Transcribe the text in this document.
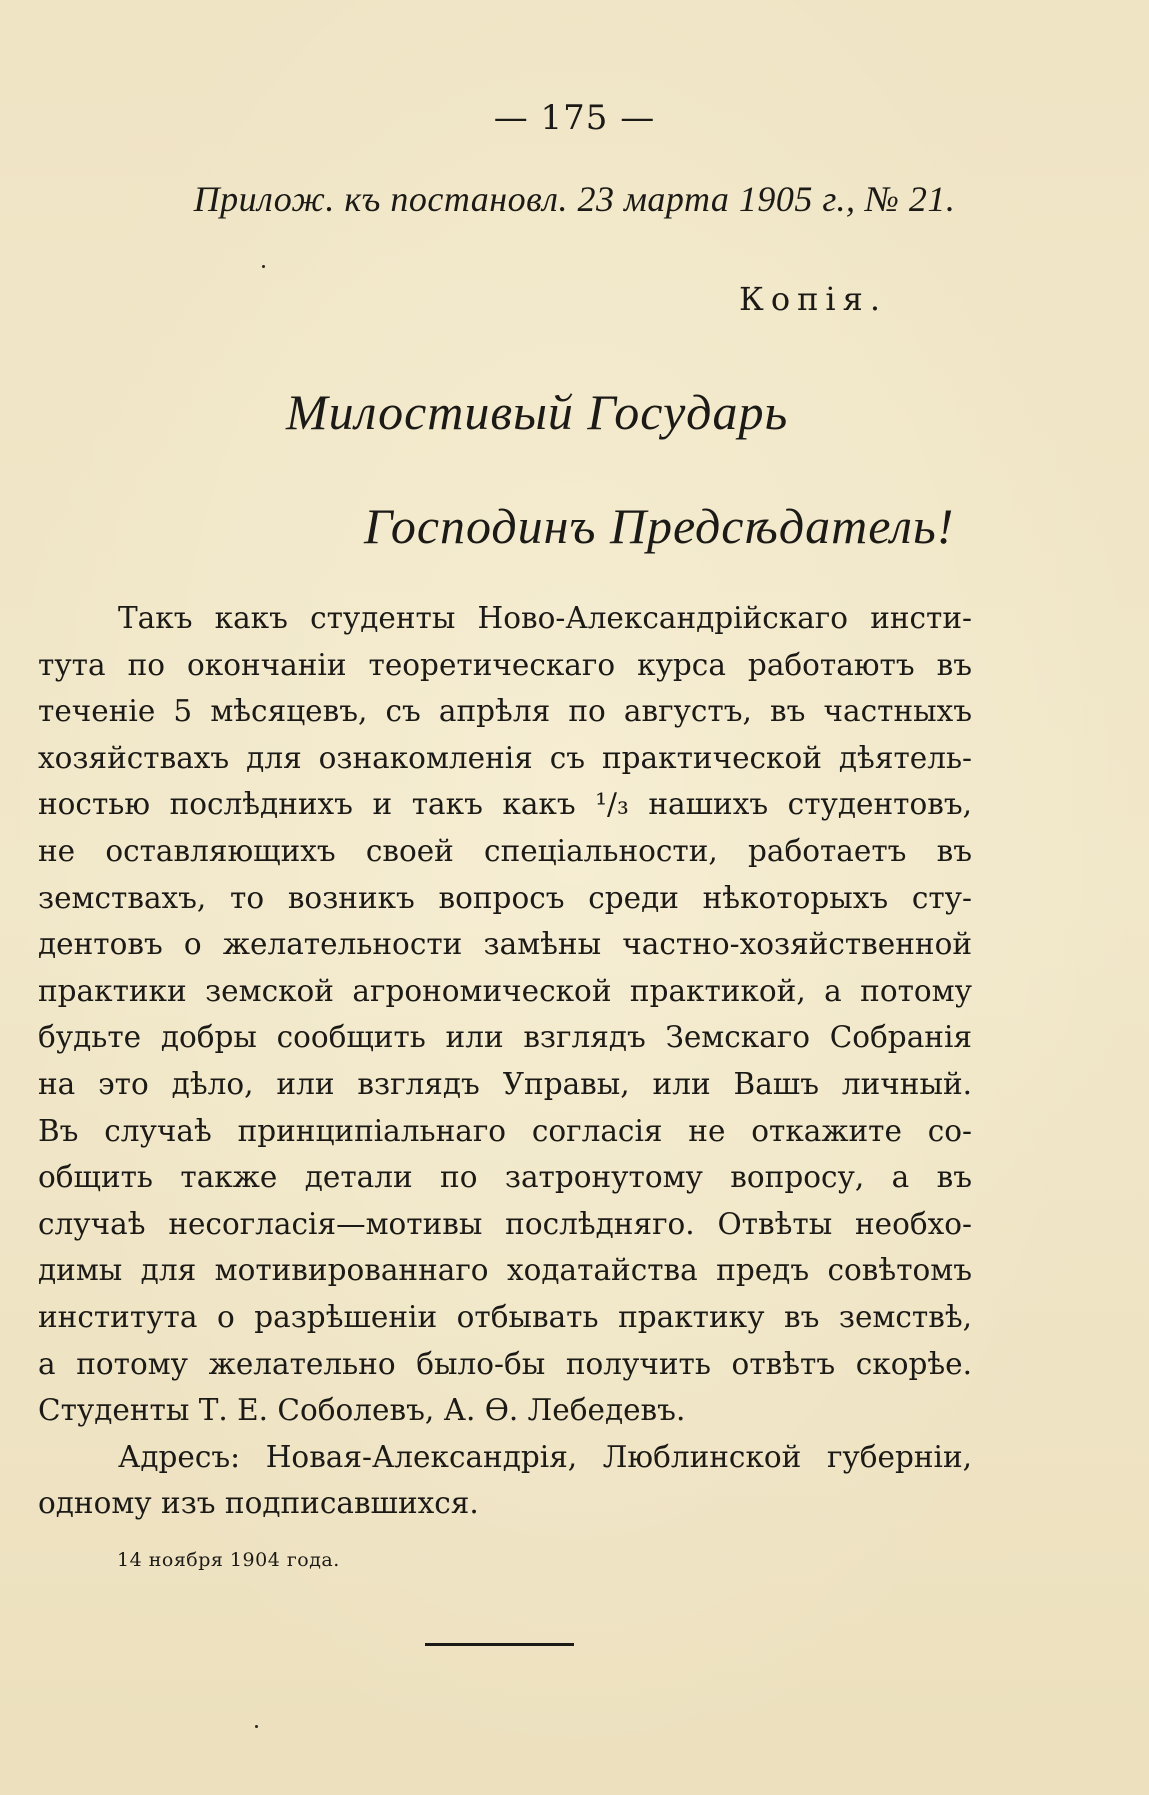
— 175 —
Прилож. къ постановл. 23 марта 1905 г., № 21.
Копія.
Милостивый Государь
Господинъ Предсѣдатель!
Такъ какъ студенты Ново-Александрійскаго инсти-
тута по окончаніи теоретическаго курса работаютъ въ
теченіе 5 мѣсяцевъ, съ апрѣля по августъ, въ частныхъ
хозяйствахъ для ознакомленія съ практической дѣятель-
ностью послѣднихъ и такъ какъ ¹/₃ нашихъ студентовъ,
не оставляющихъ своей спеціальности, работаетъ въ
земствахъ, то возникъ вопросъ среди нѣкоторыхъ сту-
дентовъ о желательности замѣны частно-хозяйственной
практики земской агрономической практикой, а потому
будьте добры сообщить или взглядъ Земскаго Собранія
на это дѣло, или взглядъ Управы, или Вашъ личный.
Въ случаѣ принципіальнаго согласія не откажите со-
общить также детали по затронутому вопросу, а въ
случаѣ несогласія—мотивы послѣдняго. Отвѣты необхо-
димы для мотивированнаго ходатайства предъ совѣтомъ
института о разрѣшеніи отбывать практику въ земствѣ,
а потому желательно было-бы получить отвѣтъ скорѣе.
Студенты Т. Е. Соболевъ, А. Ѳ. Лебедевъ.
Адресъ: Новая-Александрія, Люблинской губерніи,
одному изъ подписавшихся.
14 ноября 1904 года.
